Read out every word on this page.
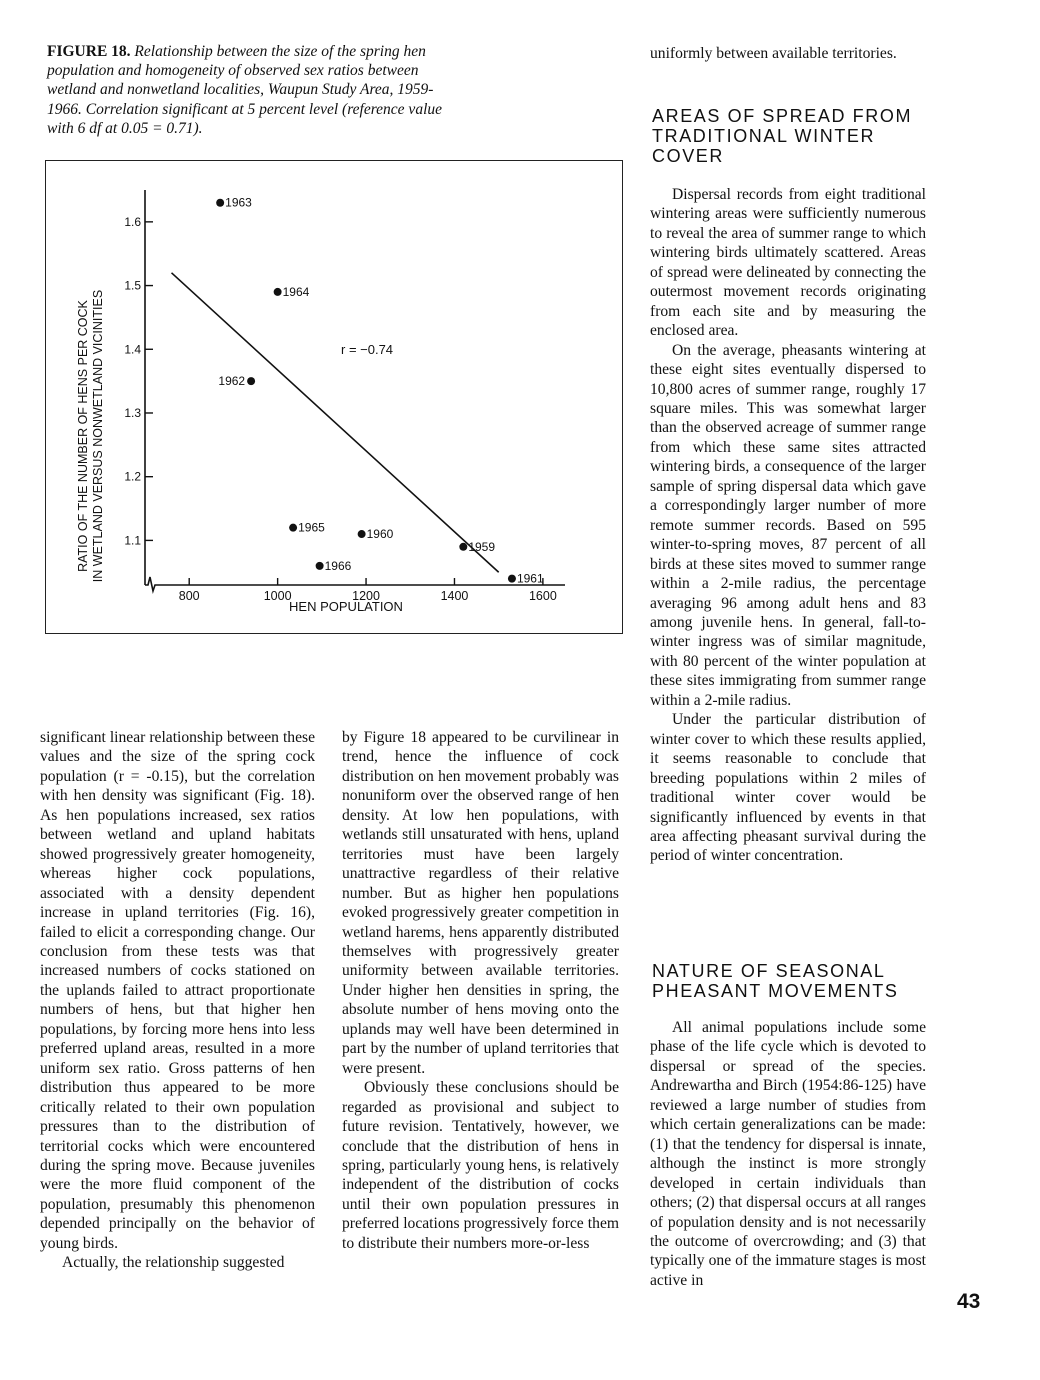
FIGURE 18. Relationship between the size of the spring hen population and homogeneity of observed sex ratios between wetland and nonwetland localities, Waupun Study Area, 1959-1966. Correlation significant at 5 percent level (reference value with 6 df at 0.05 = 0.71).
1.1
1.2
1.3
1.4
1.5
1.6
800	1000	1200	1400	1600
1963
1964
1962
1965	1960
1966
1959
1961
RATIO OF THE NUMBER OF HENS PER COCK IN WETLAND VERSUS NONWETLAND VICINITIES
HEN POPULATION
r = −0.74

significant linear relationship between these values and the size of the spring cock population (r = -0.15), but the correlation with hen density was significant (Fig. 18). As hen populations increased, sex ratios between wetland and upland habitats showed progressively greater homogeneity, whereas higher cock populations, associated with a density dependent increase in upland territories (Fig. 16), failed to elicit a corresponding change. Our conclusion from these tests was that increased numbers of cocks stationed on the uplands failed to attract proportionate numbers of hens, but that higher hen populations, by forcing more hens into less preferred upland areas, resulted in a more uniform sex ratio. Gross patterns of hen distribution thus appeared to be more critically related to their own population pressures than to the distribution of territorial cocks which were encountered during the spring move. Because juveniles were the more fluid component of the population, presumably this phenomenon depended principally on the behavior of young birds.

Actually, the relationship suggested

by Figure 18 appeared to be curvilinear in trend, hence the influence of cock distribution on hen movement probably was nonuniform over the observed range of hen density. At low hen populations, with wetlands still unsaturated with hens, upland territories must have been largely unattractive regardless of their relative number. But as higher hen populations evoked progressively greater competition in wetland harems, hens apparently distributed themselves with progressively greater uniformity between available territories. Under higher hen densities in spring, the absolute number of hens moving onto the uplands may well have been determined in part by the number of upland territories that were present.

Obviously these conclusions should be regarded as provisional and subject to future revision. Tentatively, however, we conclude that the distribution of hens in spring, particularly young hens, is relatively independent of the distribution of cocks until their own population pressures in preferred locations progressively force them to distribute their numbers more-or-less

uniformly between available territories.

AREAS OF SPREAD FROM TRADITIONAL WINTER COVER

Dispersal records from eight traditional wintering areas were sufficiently numerous to reveal the area of summer range to which wintering birds ultimately scattered. Areas of spread were delineated by connecting the outermost movement records originating from each site and by measuring the enclosed area.

On the average, pheasants wintering at these eight sites eventually dispersed to 10,800 acres of summer range, roughly 17 square miles. This was somewhat larger than the observed acreage of summer range from which these same sites attracted wintering birds, a consequence of the larger sample of spring dispersal data which gave a correspondingly larger number of more remote summer records. Based on 595 winter-to-spring moves, 87 percent of all birds at these sites moved to summer range within a 2-mile radius, the percentage averaging 96 among adult hens and 83 among juvenile hens. In general, fall-to-winter ingress was of similar magnitude, with 80 percent of the winter population at these sites immigrating from summer range within a 2-mile radius.

Under the particular distribution of winter cover to which these results applied, it seems reasonable to conclude that breeding populations within 2 miles of traditional winter cover would be significantly influenced by events in that area affecting pheasant survival during the period of winter concentration.

NATURE OF SEASONAL PHEASANT MOVEMENTS

All animal populations include some phase of the life cycle which is devoted to dispersal or spread of the species. Andrewartha and Birch (1954:86-125) have reviewed a large number of studies from which certain generalizations can be made: (1) that the tendency for dispersal is innate, although the instinct is more strongly developed in certain individuals than others; (2) that dispersal occurs at all ranges of population density and is not necessarily the outcome of overcrowding; and (3) that typically one of the immature stages is most active in

43
